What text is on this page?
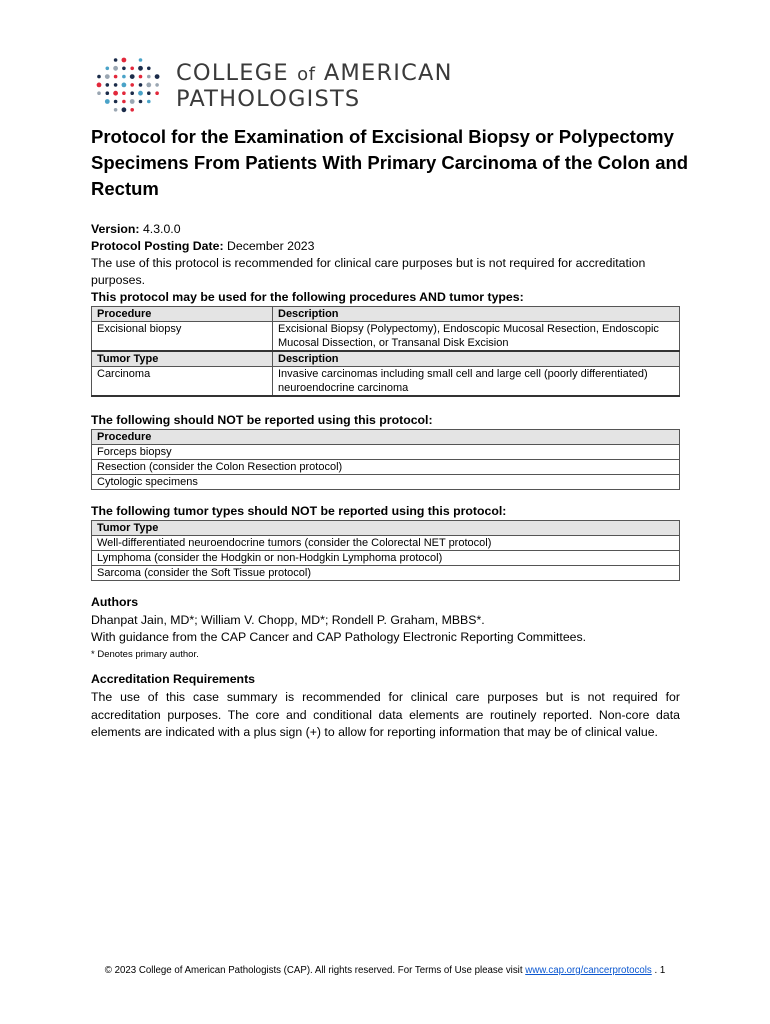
COLLEGE of AMERICAN
PATHOLOGISTS
Protocol for the Examination of Excisional Biopsy or Polypectomy Specimens From Patients With Primary Carcinoma of the Colon and Rectum
Version: 4.3.0.0
Protocol Posting Date: December 2023
The use of this protocol is recommended for clinical care purposes but is not required for accreditation purposes.
This protocol may be used for the following procedures AND tumor types:
Procedure	Description
Excisional biopsy	Excisional Biopsy (Polypectomy), Endoscopic Mucosal Resection, Endoscopic Mucosal Dissection, or Transanal Disk Excision
Tumor Type	Description
Carcinoma	Invasive carcinomas including small cell and large cell (poorly differentiated) neuroendocrine carcinoma
The following should NOT be reported using this protocol:
Procedure
Forceps biopsy
Resection (consider the Colon Resection protocol)
Cytologic specimens
The following tumor types should NOT be reported using this protocol:
Tumor Type
Well-differentiated neuroendocrine tumors (consider the Colorectal NET protocol)
Lymphoma (consider the Hodgkin or non-Hodgkin Lymphoma protocol)
Sarcoma (consider the Soft Tissue protocol)
Authors
Dhanpat Jain, MD*; William V. Chopp, MD*; Rondell P. Graham, MBBS*.
With guidance from the CAP Cancer and CAP Pathology Electronic Reporting Committees.
* Denotes primary author.
Accreditation Requirements
The use of this case summary is recommended for clinical care purposes but is not required for accreditation purposes. The core and conditional data elements are routinely reported. Non-core data elements are indicated with a plus sign (+) to allow for reporting information that may be of clinical value.
© 2023 College of American Pathologists (CAP). All rights reserved. For Terms of Use please visit www.cap.org/cancerprotocols . 1
